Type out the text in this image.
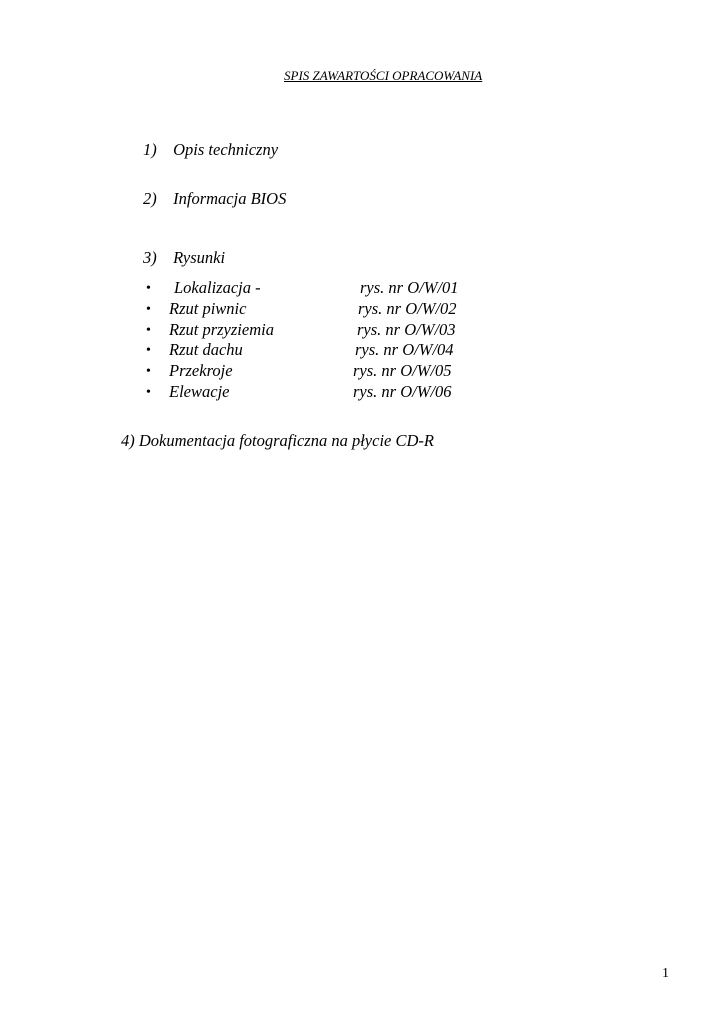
SPIS ZAWARTOŚCI OPRACOWANIA
1) Opis techniczny
2) Informacja BIOS
3) Rysunki
• Lokalizacja -	rys. nr O/W/01
• Rzut piwnic	rys. nr O/W/02
• Rzut przyziemia	rys. nr O/W/03
• Rzut dachu	rys. nr O/W/04
• Przekroje	rys. nr O/W/05
• Elewacje	rys. nr O/W/06
4) Dokumentacja fotograficzna na płycie CD-R
1
